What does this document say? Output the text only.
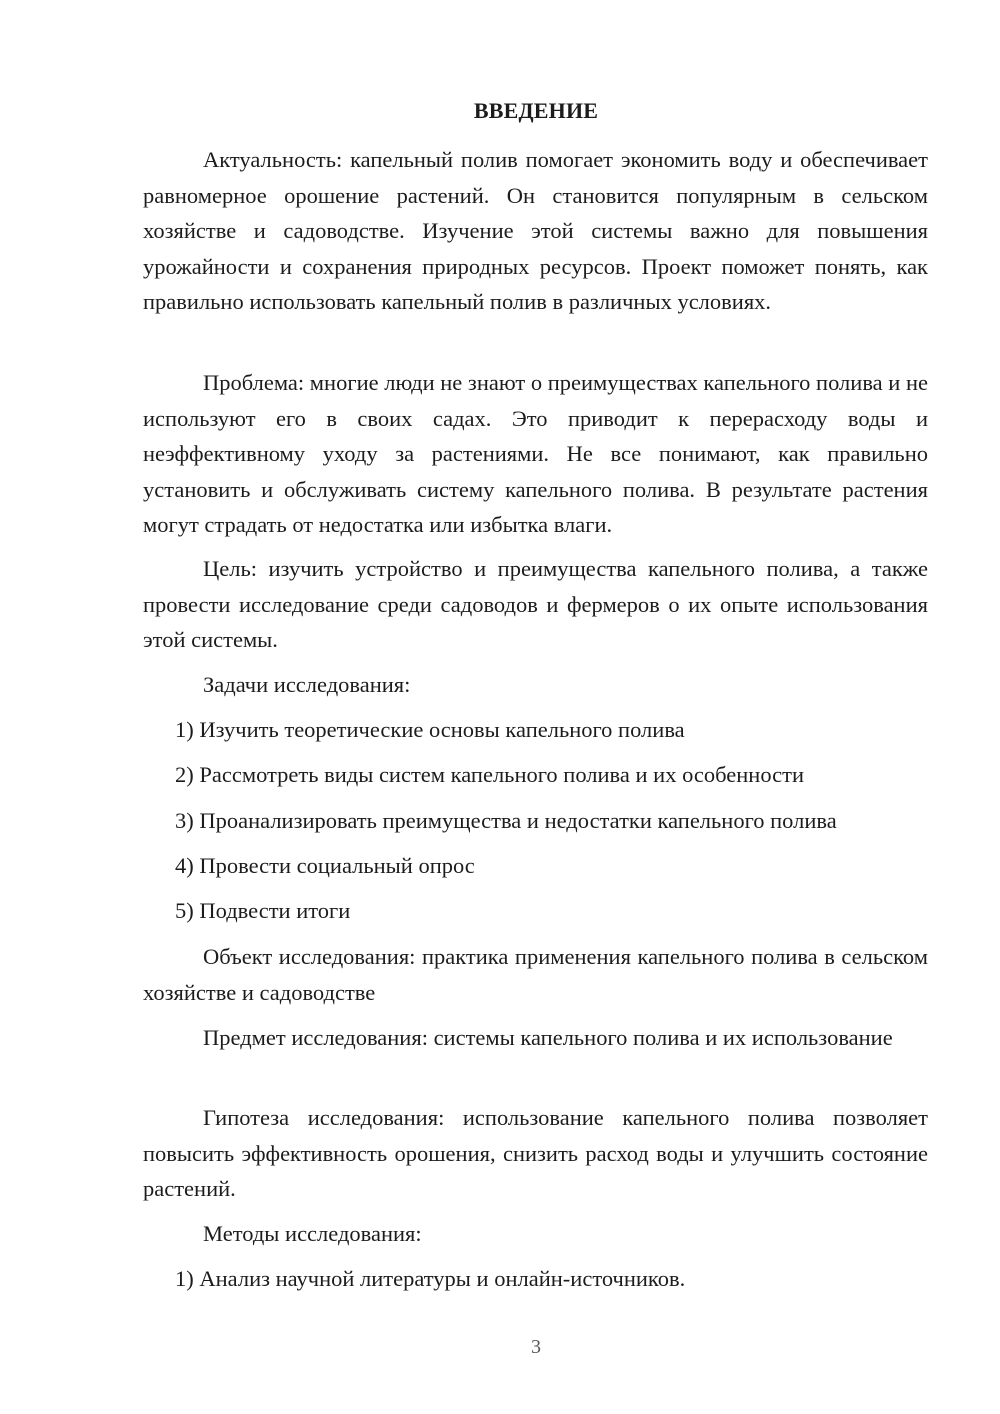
ВВЕДЕНИЕ

Актуальность: капельный полив помогает экономить воду и обеспечивает равномерное орошение растений. Он становится популярным в сельском хозяйстве и садоводстве. Изучение этой системы важно для повышения урожайности и сохранения природных ресурсов. Проект поможет понять, как правильно использовать капельный полив в различных условиях.

Проблема: многие люди не знают о преимуществах капельного полива и не используют его в своих садах. Это приводит к перерасходу воды и неэффективному уходу за растениями. Не все понимают, как правильно установить и обслуживать систему капельного полива. В результате растения могут страдать от недостатка или избытка влаги.

Цель: изучить устройство и преимущества капельного полива, а также провести исследование среди садоводов и фермеров о их опыте использования этой системы.

Задачи исследования:

1) Изучить теоретические основы капельного полива

2) Рассмотреть виды систем капельного полива и их особенности

3) Проанализировать преимущества и недостатки капельного полива

4) Провести социальный опрос

5) Подвести итоги

Объект исследования: практика применения капельного полива в сельском хозяйстве и садоводстве

Предмет исследования: системы капельного полива и их использование

Гипотеза исследования: использование капельного полива позволяет повысить эффективность орошения, снизить расход воды и улучшить состояние растений.

Методы исследования:

1) Анализ научной литературы и онлайн-источников.

3
